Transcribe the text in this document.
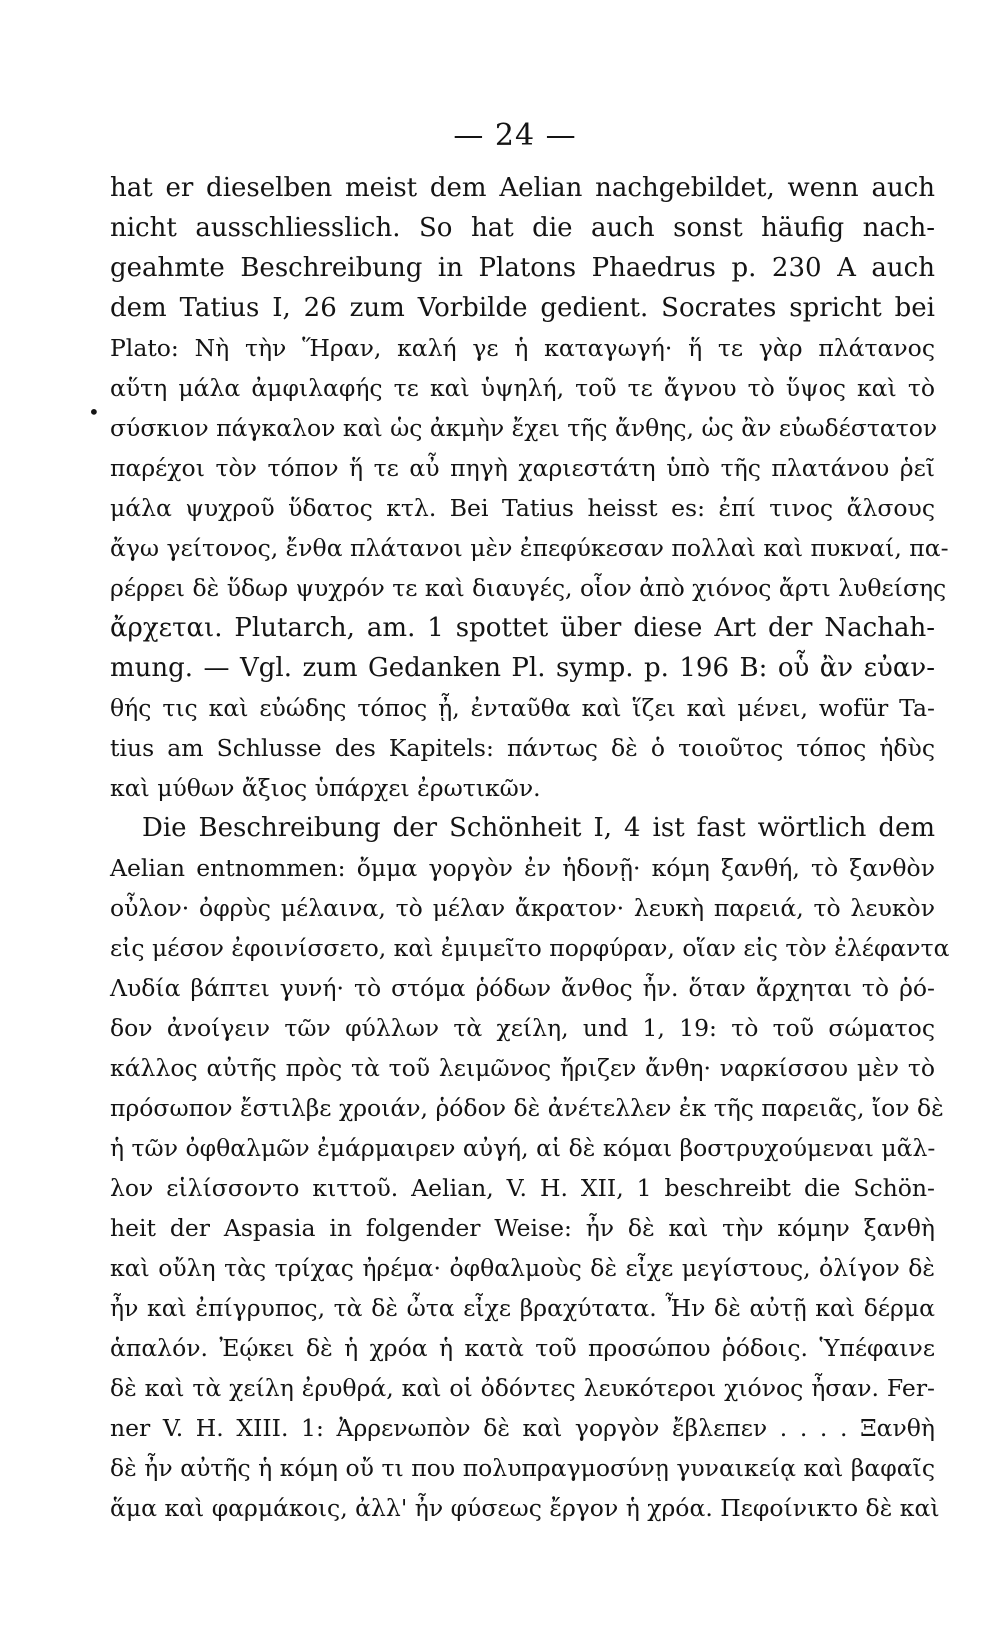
— 24 —
•
hat er dieselben meist dem Aelian nachgebildet, wenn auch
nicht ausschliesslich. So hat die auch sonst häufig nach-
geahmte Beschreibung in Platons Phaedrus p. 230 A auch
dem Tatius I, 26 zum Vorbilde gedient. Socrates spricht bei
Plato: Νὴ τὴν Ἥραν, καλή γε ἡ καταγωγή· ἥ τε γὰρ πλάτανος
αὕτη μάλα ἀμφιλαφής τε καὶ ὑψηλή, τοῦ τε ἄγνου τὸ ὕψος καὶ τὸ
σύσκιον πάγκαλον καὶ ὡς ἀκμὴν ἔχει τῆς ἄνθης, ὡς ἂν εὐωδέστατον
παρέχοι τὸν τόπον ἥ τε αὖ πηγὴ χαριεστάτη ὑπὸ τῆς πλατάνου ῥεῖ
μάλα ψυχροῦ ὕδατος κτλ. Bei Tatius heisst es: ἐπί τινος ἄλσους
ἄγω γείτονος, ἔνθα πλάτανοι μὲν ἐπεφύκεσαν πολλαὶ καὶ πυκναί, πα-
ρέρρει δὲ ὕδωρ ψυχρόν τε καὶ διαυγές, οἷον ἀπὸ χιόνος ἄρτι λυθείσης
ἄρχεται. Plutarch, am. 1 spottet über diese Art der Nachah-
mung. — Vgl. zum Gedanken Pl. symp. p. 196 B: οὗ ἂν εὐαν-
θής τις καὶ εὐώδης τόπος ᾖ, ἐνταῦθα καὶ ἵζει καὶ μένει, wofür Ta-
tius am Schlusse des Kapitels: πάντως δὲ ὁ τοιοῦτος τόπος ἡδὺς
καὶ μύθων ἄξιος ὑπάρχει ἐρωτικῶν.
Die Beschreibung der Schönheit I, 4 ist fast wörtlich dem
Aelian entnommen: ὄμμα γοργὸν ἐν ἡδονῇ· κόμη ξανθή, τὸ ξανθὸν
οὖλον· ὀφρὺς μέλαινα, τὸ μέλαν ἄκρατον· λευκὴ παρειά, τὸ λευκὸν
εἰς μέσον ἐφοινίσσετο, καὶ ἐμιμεῖτο πορφύραν, οἵαν εἰς τὸν ἐλέφαντα
Λυδία βάπτει γυνή· τὸ στόμα ῥόδων ἄνθος ἦν. ὅταν ἄρχηται τὸ ῥό-
δον ἀνοίγειν τῶν φύλλων τὰ χείλη, und 1, 19: τὸ τοῦ σώματος
κάλλος αὐτῆς πρὸς τὰ τοῦ λειμῶνος ἤριζεν ἄνθη· ναρκίσσου μὲν τὸ
πρόσωπον ἔστιλβε χροιάν, ῥόδον δὲ ἀνέτελλεν ἐκ τῆς παρειᾶς, ἴον δὲ
ἡ τῶν ὀφθαλμῶν ἐμάρμαιρεν αὐγή, αἱ δὲ κόμαι βοστρυχούμεναι μᾶλ-
λον εἱλίσσοντο κιττοῦ. Aelian, V. H. XII, 1 beschreibt die Schön-
heit der Aspasia in folgender Weise: ἦν δὲ καὶ τὴν κόμην ξανθὴ
καὶ οὔλη τὰς τρίχας ἠρέμα· ὀφθαλμοὺς δὲ εἶχε μεγίστους, ὀλίγον δὲ
ἦν καὶ ἐπίγρυπος, τὰ δὲ ὦτα εἶχε βραχύτατα. Ἦν δὲ αὐτῇ καὶ δέρμα
ἁπαλόν. Ἐῴκει δὲ ἡ χρόα ἡ κατὰ τοῦ προσώπου ῥόδοις. Ὑπέφαινε
δὲ καὶ τὰ χείλη ἐρυθρά, καὶ οἱ ὀδόντες λευκότεροι χιόνος ἦσαν. Fer-
ner V. H. XIII. 1: Ἀρρενωπὸν δὲ καὶ γοργὸν ἔβλεπεν . . . . Ξανθὴ
δὲ ἦν αὐτῆς ἡ κόμη οὔ τι που πολυπραγμοσύνῃ γυναικείᾳ καὶ βαφαῖς
ἅμα καὶ φαρμάκοις, ἀλλ' ἦν φύσεως ἔργον ἡ χρόα. Πεφοίνικτο δὲ καὶ
